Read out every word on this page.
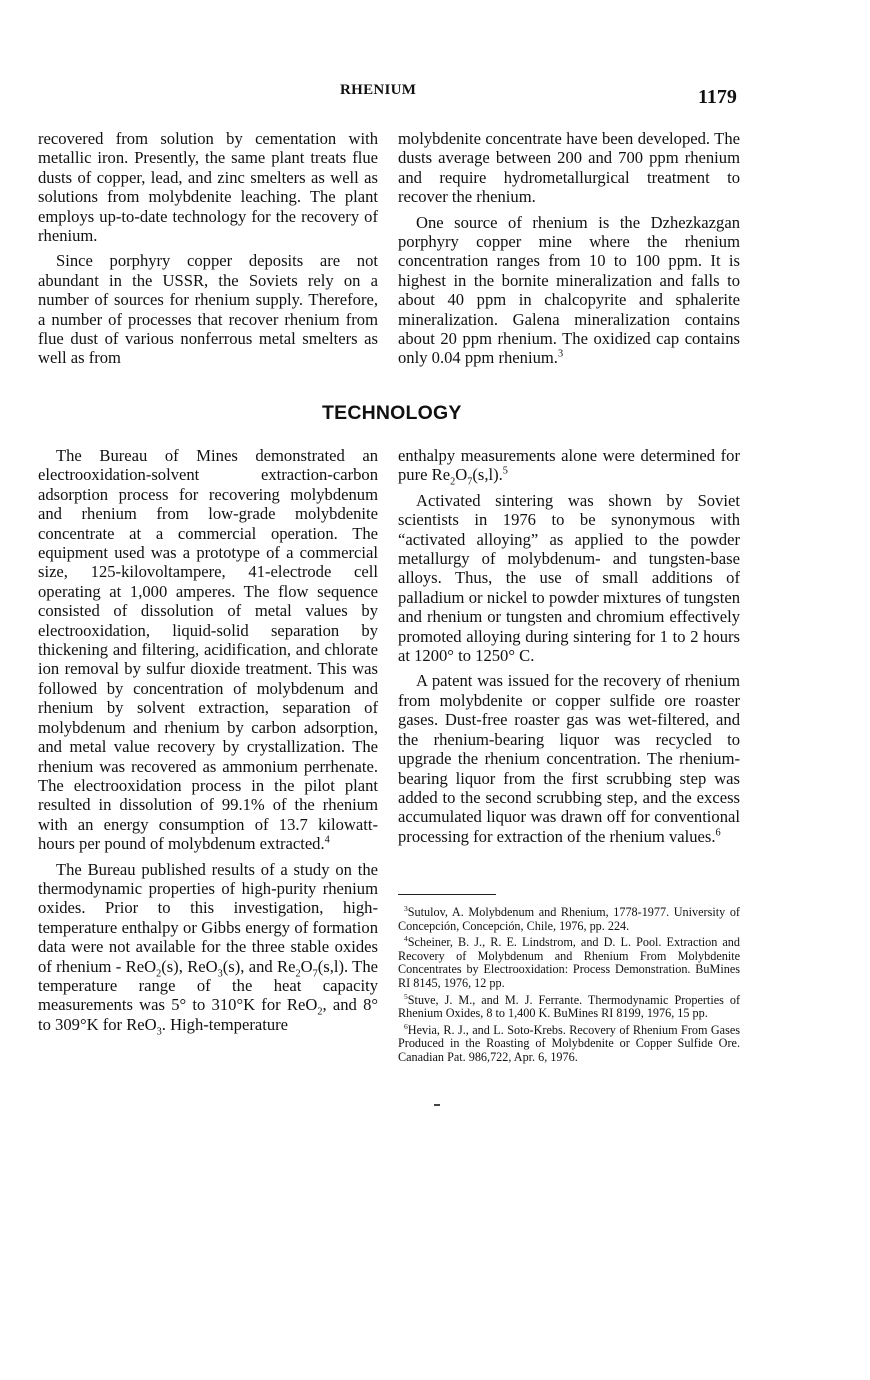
RHENIUM	1179

recovered from solution by cementation with metallic iron. Presently, the same plant treats flue dusts of copper, lead, and zinc smelters as well as solutions from molybdenite leaching. The plant employs up-to-date technology for the recovery of rhenium.

Since porphyry copper deposits are not abundant in the USSR, the Soviets rely on a number of sources for rhenium supply. Therefore, a number of processes that recover rhenium from flue dust of various nonferrous metal smelters as well as from

molybdenite concentrate have been developed. The dusts average between 200 and 700 ppm rhenium and require hydrometallurgical treatment to recover the rhenium.

One source of rhenium is the Dzhezkazgan porphyry copper mine where the rhenium concentration ranges from 10 to 100 ppm. It is highest in the bornite mineralization and falls to about 40 ppm in chalcopyrite and sphalerite mineralization. Galena mineralization contains about 20 ppm rhenium. The oxidized cap contains only 0.04 ppm rhenium.$^3$

TECHNOLOGY

The Bureau of Mines demonstrated an electrooxidation-solvent extraction-carbon adsorption process for recovering molybdenum and rhenium from low-grade molybdenite concentrate at a commercial operation. The equipment used was a prototype of a commercial size, 125-kilovoltampere, 41-electrode cell operating at 1,000 amperes. The flow sequence consisted of dissolution of metal values by electrooxidation, liquid-solid separation by thickening and filtering, acidification, and chlorate ion removal by sulfur dioxide treatment. This was followed by concentration of molybdenum and rhenium by solvent extraction, separation of molybdenum and rhenium by carbon adsorption, and metal value recovery by crystallization. The rhenium was recovered as ammonium perrhenate. The electrooxidation process in the pilot plant resulted in dissolution of 99.1% of the rhenium with an energy consumption of 13.7 kilowatt-hours per pound of molybdenum extracted.$^4$

The Bureau published results of a study on the thermodynamic properties of high-purity rhenium oxides. Prior to this investigation, high-temperature enthalpy or Gibbs energy of formation data were not available for the three stable oxides of rhenium - ReO$_2$(s), ReO$_3$(s), and $Re_2O_7(s,l)$. The temperature range of the heat capacity measurements was 5° to 310°K for ReO$_2$, and 8° to 309°K for ReO$_3$. High-temperature

enthalpy measurements alone were determined for pure $Re_2O_7(s,l).^5$

Activated sintering was shown by Soviet scientists in 1976 to be synonymous with “activated alloying” as applied to the powder metallurgy of molybdenum- and tungsten-base alloys. Thus, the use of small additions of palladium or nickel to powder mixtures of tungsten and rhenium or tungsten and chromium effectively promoted alloying during sintering for 1 to 2 hours at 1200° to 1250° C.

A patent was issued for the recovery of rhenium from molybdenite or copper sulfide ore roaster gases. Dust-free roaster gas was wet-filtered, and the rhenium-bearing liquor was recycled to upgrade the rhenium concentration. The rhenium-bearing liquor from the first scrubbing step was added to the second scrubbing step, and the excess accumulated liquor was drawn off for conventional processing for extraction of the rhenium values.$^6$

$^3$Sutulov, A. Molybdenum and Rhenium, 1778-1977. University of Concepción, Concepción, Chile, 1976, pp. 224.

$^4$Scheiner, B. J., R. E. Lindstrom, and D. L. Pool. Extraction and Recovery of Molybdenum and Rhenium From Molybdenite Concentrates by Electrooxidation: Process Demonstration. BuMines RI 8145, 1976, 12 pp.

$^5$Stuve, J. M., and M. J. Ferrante. Thermodynamic Properties of Rhenium Oxides, 8 to 1,400 K. BuMines RI 8199, 1976, 15 pp.

$^6$Hevia, R. J., and L. Soto-Krebs. Recovery of Rhenium From Gases Produced in the Roasting of Molybdenite or Copper Sulfide Ore. Canadian Pat. 986,722, Apr. 6, 1976.
